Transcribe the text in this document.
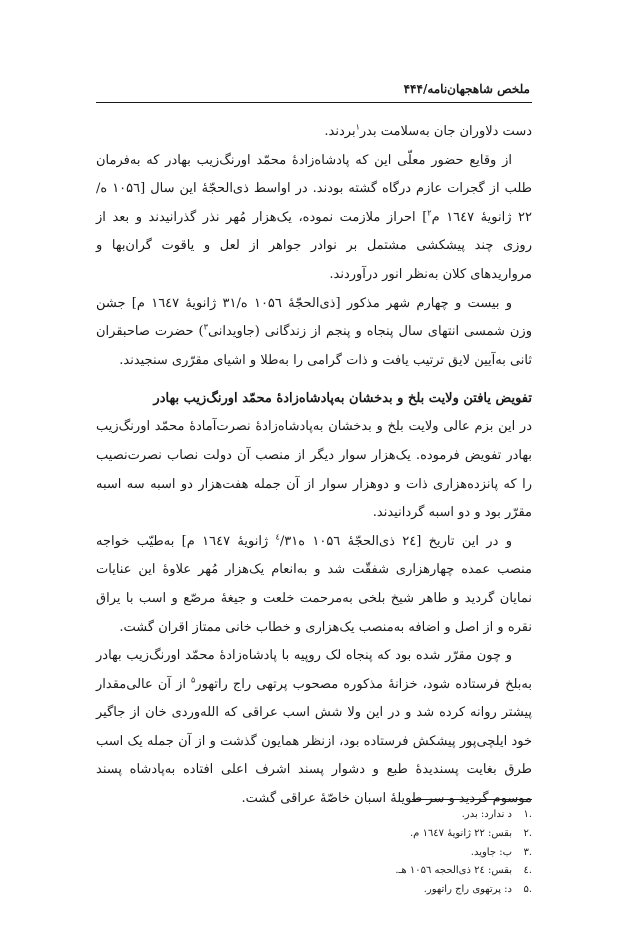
ملخص شاهجهان‌نامه/۴۴۴

دست دلاوران جان به‌سلامت بدر$^۱$بردند.

از وقایع حضور معلّی این که پادشاه‌زادهٔ محمّد اورنگ‌زیب بهادر که به‌فرمان طلب از گجرات عازم درگاه گشته بودند. در اواسط ذی‌الحجّهٔ این سال [۱۰۵٦ ه/۲۲ ژانویهٔ ۱٦٤۷ م$^۲$] احراز ملازمت نموده، یک‌هزار مُهر نذر گذرانیدند و بعد از روزی چند پیشکشی مشتمل بر نوادر جواهر از لعل و یاقوت گران‌بها و مرواریدهای کلان به‌نظر انور درآوردند.

و بیست و چهارم شهر مذکور [ذی‌الحجّهٔ ۱۰۵٦ ه/۳۱ ژانویهٔ ۱٦٤۷ م] جشن وزن شمسی انتهای سال پنجاه و پنجم از زندگانی (جاویدانی$^۳$) حضرت صاحبقران ثانی به‌آیین لایق ترتیب یافت و ذات گرامی را به‌طلا و اشیای مقرّری سنجیدند.

تفویض یافتن ولایت بلخ و بدخشان به‌پادشاه‌زادهٔ محمّد اورنگ‌زیب بهادر

در این بزم عالی ولایت بلخ و بدخشان به‌پادشاه‌زادهٔ نصرت‌آمادهٔ محمّد اورنگ‌زیب بهادر تفویض فرموده. یک‌هزار سوار دیگر از منصب آن دولت نصاب نصرت‌نصیب را که پانزده‌هزاری ذات و دوهزار سوار از آن جمله هفت‌هزار دو اسبه سه اسبه مقرّر بود و دو اسبه گردانیدند.

و در این تاریخ [٢٤ ذی‌الحجّهٔ ۱۰۵٦ ه$^٤$/۳۱ ژانویهٔ ۱٦٤۷ م] به‌طیّب خواجه منصب عمده چهارهزاری شفقّت شد و به‌انعام یک‌هزار مُهر علاوهٔ این عنایات نمایان گردید و طاهر شیخ بلخی به‌مرحمت خلعت و جیغهٔ مرصّع و اسب با یراق نقره و از اصل و اضافه به‌منصب یک‌هزاری و خطاب خانی ممتاز اقران گشت.

و چون مقرّر شده بود که پنجاه لک روپیه با پادشاه‌زادهٔ محمّد اورنگ‌زیب بهادر به‌بلخ فرستاده شود، خزانهٔ مذکوره مصحوب پرتهی راج راتهور$^۵$ از آن عالی‌مقدار پیشتر روانه کرده شد و در این ولا شش اسب عراقی که الله‌وردی خان از جاگیر خود ایلچی‌پور پیشکش فرستاده بود، ازنظر همایون گذشت و از آن جمله یک اسب طرق بغایت پسندیدهٔ طبع و دشوار پسند اشرف اعلی افتاده به‌پادشاه پسند موسوم گردید و سر طویلهٔ اسبان خاصّهٔ عراقی گشت.

.۱د ندارد: بدر.
.۲بقس: ۲۲ ژانویهٔ ۱٦٤۷ م.
.۳ب: جاوید.
.٤بقس: ٢٤ ذی‌الحجه ۱۰۵٦ هـ.
.۵د: پرتهوی راج راتهور.
